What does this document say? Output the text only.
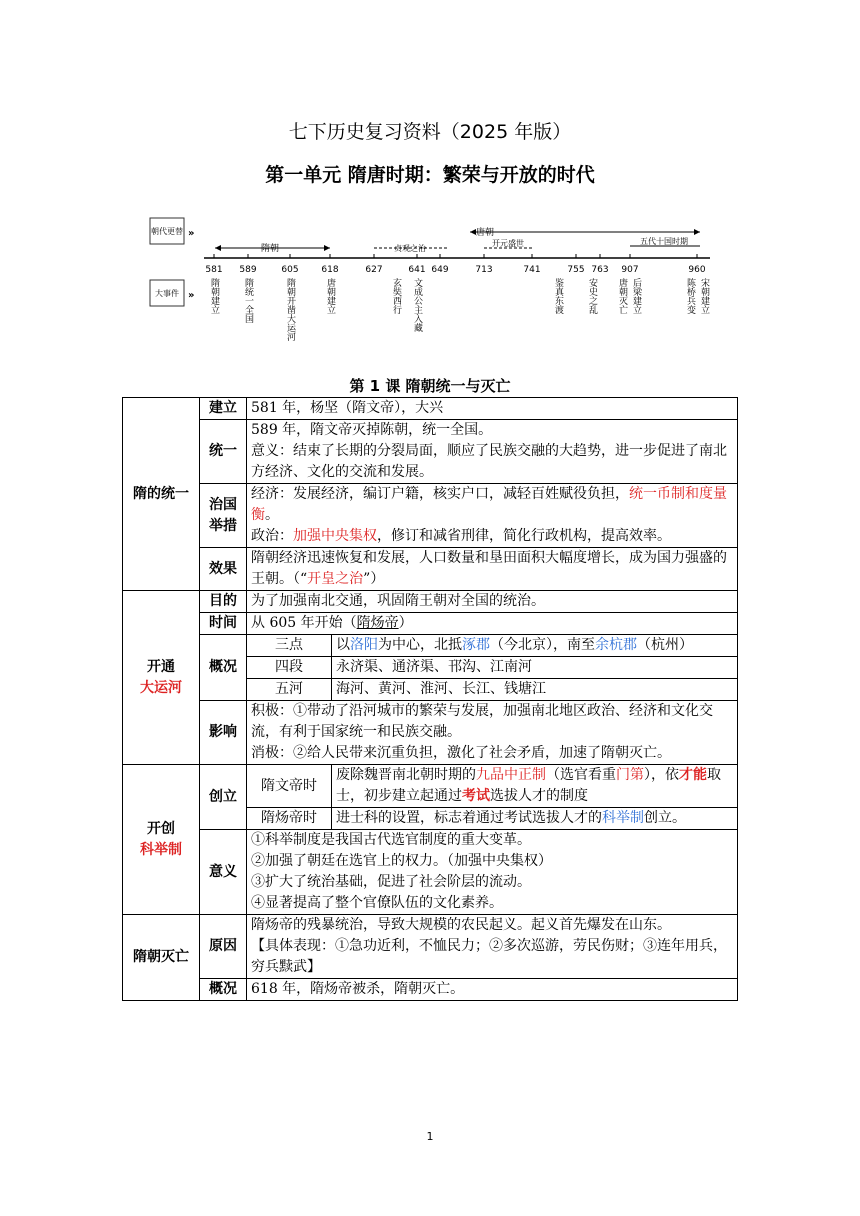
七下历史复习资料（2025 年版）
第一单元 隋唐时期：繁荣与开放的时代
朝代更替 »
大事件 »
唐朝
隋朝	贞观之治
开元盛世	五代十国时期
581 589	605	618	627	641 649	713	741	755 763 907	960
隋朝建立	隋统一全国	隋朝开凿大运河	唐朝建立	玄奘西行 文成公主入藏	鉴真东渡	安史之乱 唐朝灭亡 后梁建立	陈桥兵变 宋朝建立
第 1 课 隋朝统一与灭亡
隋的统一	建立	581 年，杨坚（隋文帝），大兴	
	统一	589 年，隋文帝灭掉陈朝，统一全国。
意义：结束了长期的分裂局面，顺应了民族交融的大趋势，进一步促进了南北方经济、文化的交流和发展。	

	治国举措	经济：发展经济，编订户籍，核实户口，减轻百姓赋役负担，统一币制和度量衡。
政治：加强中央集权，修订和减省刑律，简化行政机构，提高效率。	

	效果	隋朝经济迅速恢复和发展，人口数量和垦田面积大幅度增长，成为国力强盛的王朝。（“开皇之治”）	

开通
大运河	目的	为了加强南北交通，巩固隋王朝对全国的统治。	
	时间	从 605 年开始（隋炀帝）	
	概况	三点	以洛阳为中心，北抵涿郡（今北京），南至余杭郡（杭州）
		四段	永济渠、通济渠、邗沟、江南河
		五河	海河、黄河、淮河、长江、钱塘江
	影响	积极：①带动了沿河城市的繁荣与发展，加强南北地区政治、经济和文化交流，有利于国家统一和民族交融。
消极：②给人民带来沉重负担，激化了社会矛盾，加速了隋朝灭亡。	

开创
科举制	创立	隋文帝时	废除魏晋南北朝时期的九品中正制（选官看重门第），依才能取士，初步建立起通过考试选拔人才的制度
		隋炀帝时	进士科的设置，标志着通过考试选拔人才的科举制创立。
	意义	①科举制度是我国古代选官制度的重大变革。
②加强了朝廷在选官上的权力。（加强中央集权）
③扩大了统治基础，促进了社会阶层的流动。
④显著提高了整个官僚队伍的文化素养。	

隋朝灭亡	原因	隋炀帝的残暴统治，导致大规模的农民起义。起义首先爆发在山东。
【具体表现：①急功近利，不恤民力；②多次巡游，劳民伤财；③连年用兵，穷兵黩武】	

	概况	618 年，隋炀帝被杀，隋朝灭亡。	
1
